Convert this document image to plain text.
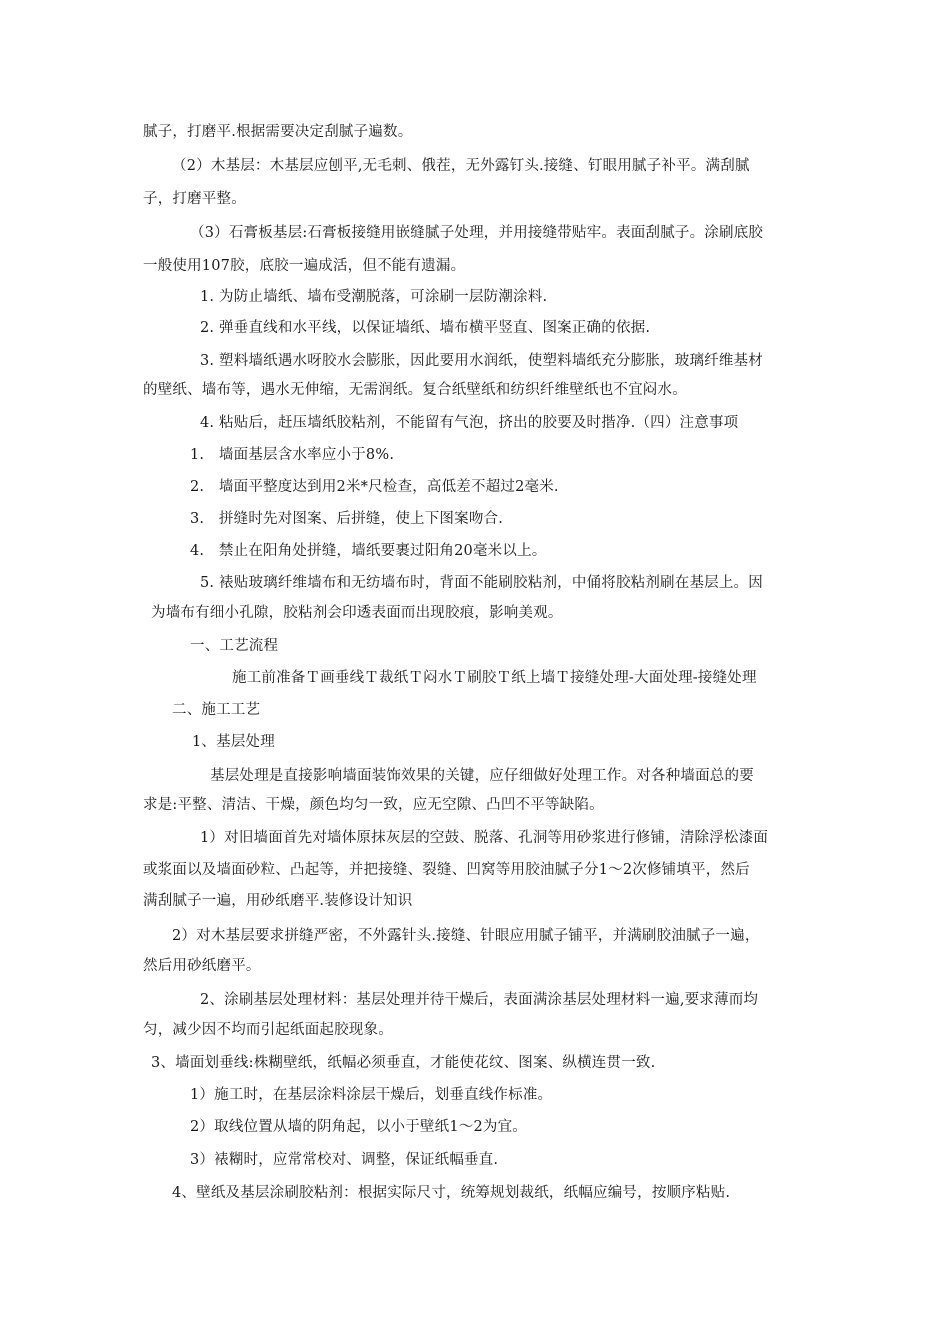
腻子，打磨平.根据需要决定刮腻子遍数。
（2）木基层：木基层应刨平,无毛刺、俄茬，无外露钉头.接缝、钉眼用腻子补平。满刮腻
子，打磨平整。
（3）石膏板基层:石膏板接缝用嵌缝腻子处理，并用接缝带贴牢。表面刮腻子。涂刷底胶
一般使用107胶，底胶一遍成活，但不能有遗漏。
1. 为防止墙纸、墙布受潮脱落，可涂刷一层防潮涂料.
2. 弹垂直线和水平线，以保证墙纸、墙布横平竖直、图案正确的依据.
3. 塑料墙纸遇水呀胶水会膨胀，因此要用水润纸，使塑料墙纸充分膨胀，玻璃纤维基材
的壁纸、墙布等，遇水无伸缩，无需润纸。复合纸壁纸和纺织纤维壁纸也不宜闷水。
4. 粘贴后，赶压墙纸胶粘剂，不能留有气泡，挤出的胶要及时揩净.（四）注意事项
1.　墙面基层含水率应小于8%.
2.　墙面平整度达到用2米*尺检查，高低差不超过2毫米.
3.　拼缝时先对图案、后拼缝，使上下图案吻合.
4.　禁止在阳角处拼缝，墙纸要裹过阳角20毫米以上。
5. 裱贴玻璃纤维墙布和无纺墙布时，背面不能刷胶粘剂，中俑将胶粘剂刷在基层上。因
为墙布有细小孔隙，胶粘剂会印透表面而出现胶痕，影响美观。
一、工艺流程
施工前准备Ｔ画垂线Ｔ裁纸Ｔ闷水Ｔ刷胶Ｔ纸上墙Ｔ接缝处理-大面处理-接缝处理
二、施工工艺
1、基层处理
基层处理是直接影响墙面装饰效果的关键，应仔细做好处理工作。对各种墙面总的要
求是:平整、清洁、干燥，颜色均匀一致，应无空隙、凸凹不平等缺陷。
1）对旧墙面首先对墙体原抹灰层的空鼓、脱落、孔洞等用砂浆进行修铺，清除浮松漆面
或浆面以及墙面砂粒、凸起等，并把接缝、裂缝、凹窝等用胶油腻子分1〜2次修铺填平，然后
满刮腻子一遍，用砂纸磨平.装修设计知识
2）对木基层要求拼缝严密，不外露针头.接缝、针眼应用腻子铺平，并满刷胶油腻子一遍，
然后用砂纸磨平。
2、涂刷基层处理材料：基层处理并待干燥后，表面满涂基层处理材料一遍,要求薄而均
匀，减少因不均而引起纸面起胶现象。
3、墙面划垂线:株糊壁纸，纸幅必须垂直，才能使花纹、图案、纵横连贯一致.
1）施工时，在基层涂料涂层干燥后，划垂直线作标准。
2）取线位置从墙的阴角起，以小于壁纸1〜2为宜。
3）裱糊时，应常常校对、调整，保证纸幅垂直.
4、壁纸及基层涂刷胶粘剂：根据实际尺寸，统筹规划裁纸，纸幅应编号，按顺序粘贴.
